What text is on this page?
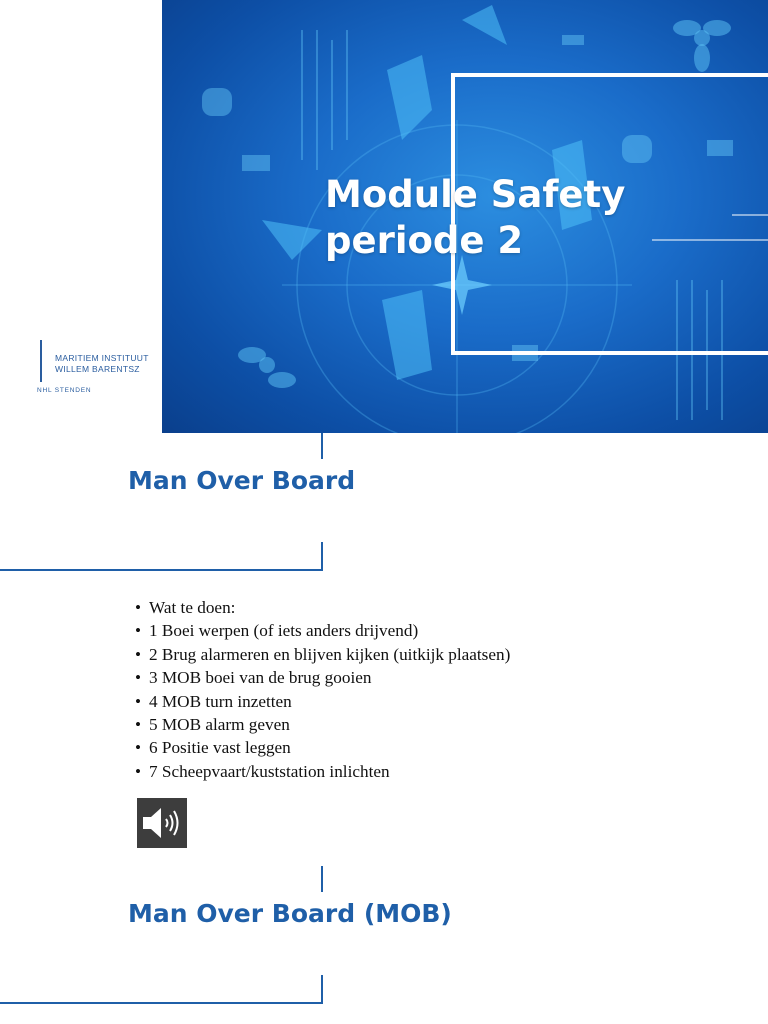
MARITIEM INSTITUUT
WILLEM BARENTSZ
NHL STENDEN
Module Safety
periode 2
Man Over Board
• Wat te doen:
• 1 Boei werpen (of iets anders drijvend)
• 2 Brug alarmeren en blijven kijken (uitkijk plaatsen)
• 3 MOB boei van de brug gooien
• 4 MOB turn inzetten
• 5 MOB alarm geven
• 6 Positie vast leggen
• 7 Scheepvaart/kuststation inlichten
Man Over Board (MOB)
